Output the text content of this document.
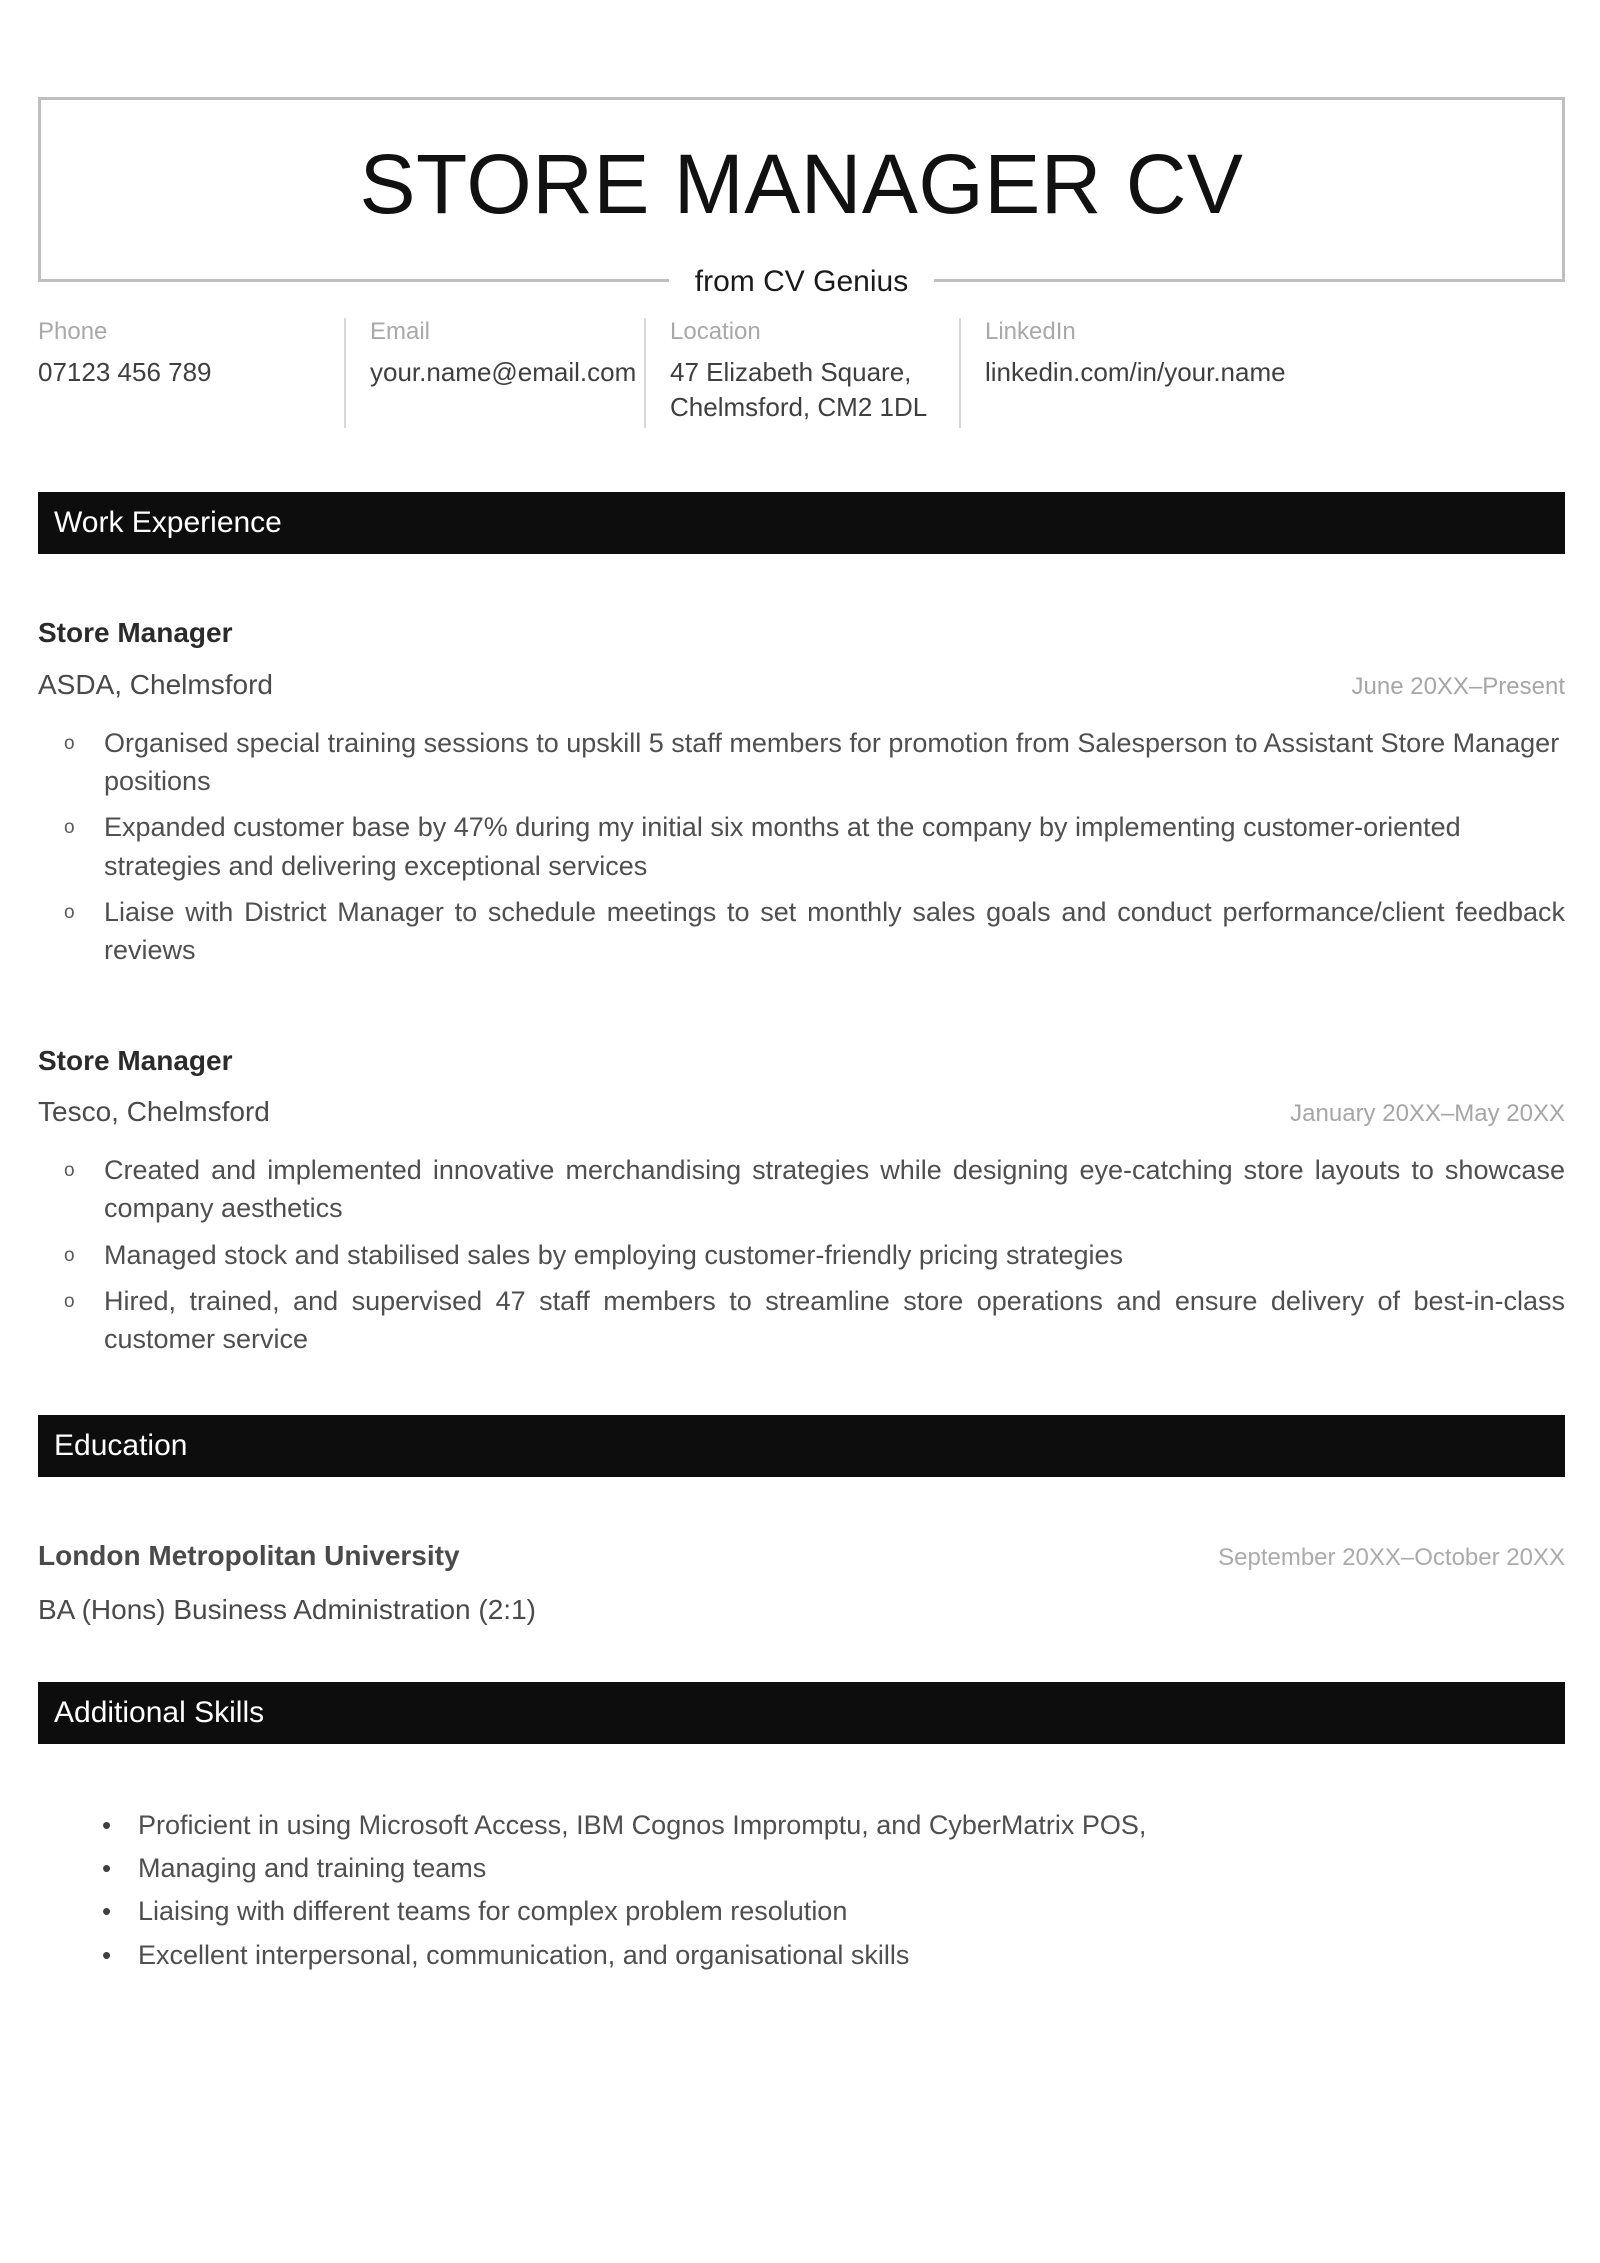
STORE MANAGER CV
from CV Genius
Phone
07123 456 789
Email
your.name@email.com
Location
47 Elizabeth Square,
Chelmsford, CM2 1DL
LinkedIn
linkedin.com/in/your.name
Work Experience
Store Manager
ASDA, Chelmsford	June 20XX–Present
o Organised special training sessions to upskill 5 staff members for promotion from Salesperson to Assistant Store Manager positions
o Expanded customer base by 47% during my initial six months at the company by implementing customer-oriented strategies and delivering exceptional services
o Liaise with District Manager to schedule meetings to set monthly sales goals and conduct performance/client feedback reviews
Store Manager
Tesco, Chelmsford	January 20XX–May 20XX
o Created and implemented innovative merchandising strategies while designing eye-catching store layouts to showcase company aesthetics
o Managed stock and stabilised sales by employing customer-friendly pricing strategies
o Hired, trained, and supervised 47 staff members to streamline store operations and ensure delivery of best-in-class customer service
Education
London Metropolitan University	September 20XX–October 20XX
BA (Hons) Business Administration (2:1)
Additional Skills
• Proficient in using Microsoft Access, IBM Cognos Impromptu, and CyberMatrix POS,
• Managing and training teams
• Liaising with different teams for complex problem resolution
• Excellent interpersonal, communication, and organisational skills
